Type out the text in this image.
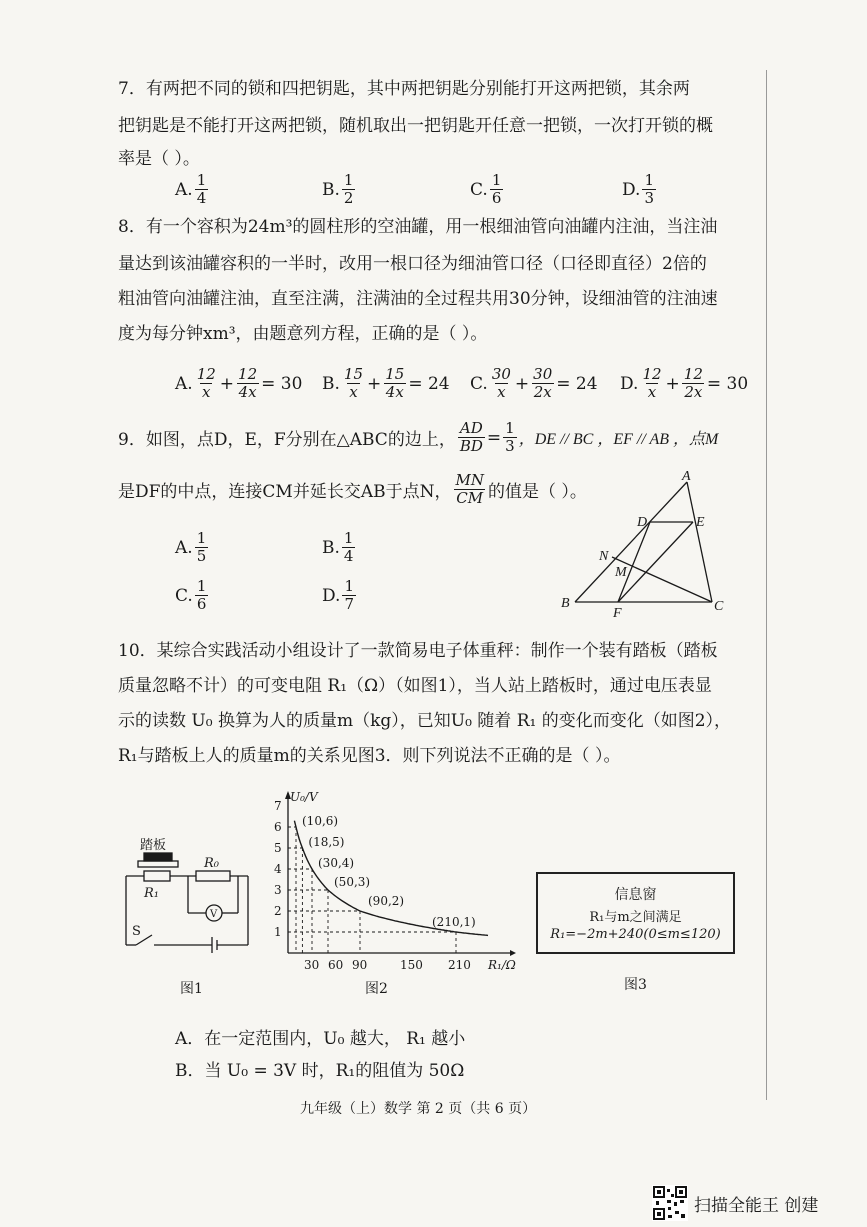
7．有两把不同的锁和四把钥匙，其中两把钥匙分别能打开这两把锁，其余两
把钥匙是不能打开这两把锁，随机取出一把钥匙开任意一把锁，一次打开锁的概
率是（ ）。
A. $\frac{1}{4}$	B. $\frac{1}{2}$	C. $\frac{1}{6}$	D. $\frac{1}{3}$
8．有一个容积为24m³的圆柱形的空油罐，用一根细油管向油罐内注油，当注油
量达到该油罐容积的一半时，改用一根口径为细油管口径（口径即直径）2倍的
粗油管向油罐注油，直至注满，注满油的全过程共用30分钟，设细油管的注油速
度为每分钟xm³，由题意列方程，正确的是（ ）。
A. $\frac{12}{x} + \frac{12}{4x} = 30$ B. $\frac{15}{x} + \frac{15}{4x} = 24$ C. $\frac{30}{x} + \frac{30}{2x} = 24$ D. $\frac{12}{x} + \frac{12}{2x} = 30$
9．如图，点D，E，F分别在△ABC的边上， $\frac{AD}{BD} = \frac{1}{3}$ ，DE // BC ，EF // AB ，点M
是DF的中点，连接CM并延长交AB于点N， $\frac{MN}{CM}$ 的值是（ ）。
A. $\frac{1}{5}$	B. $\frac{1}{4}$
C. $\frac{1}{6}$	D. $\frac{1}{7}$
A
D	E
N
M
B
F	C
10．某综合实践活动小组设计了一款简易电子体重秤：制作一个装有踏板（踏板
质量忽略不计）的可变电阻 R₁（Ω）（如图1），当人站上踏板时，通过电压表显
示的读数 U₀ 换算为人的质量m（kg），已知U₀ 随着 R₁ 的变化而变化（如图2），
R₁与踏板上人的质量m的关系见图3．则下列说法不正确的是（ ）。
踏板
R₁
R₀
V
S
图1
U₀/V
R₁/Ω
1
2
3
4
5
6
7
30 60 90	150 210
(10,6)
(18,5)
(30,4)
(50,3)
(90,2)
(210,1)
图2
信息窗
R₁与m之间满足
R₁=−2m+240(0≤m≤120)
图3
A．在一定范围内，U₀ 越大， R₁ 越小
B．当 U₀ = 3V 时，R₁的阻值为 50Ω
九年级（上）数学 第 2 页（共 6 页）
扫描全能王 创建
